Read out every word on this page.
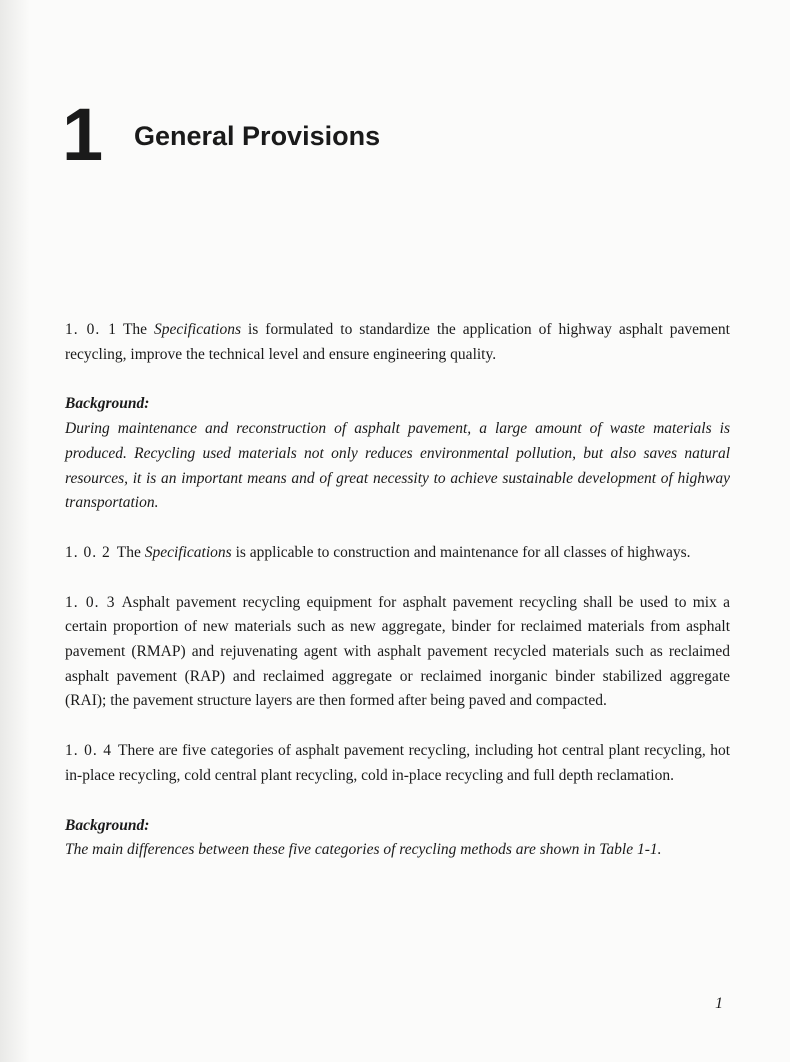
1 General Provisions

1. 0. 1 The Specifications is formulated to standardize the application of highway asphalt pavement recycling, improve the technical level and ensure engineering quality.

Background:

During maintenance and reconstruction of asphalt pavement, a large amount of waste materials is produced. Recycling used materials not only reduces environmental pollution, but also saves natural resources, it is an important means and of great necessity to achieve sustainable development of highway transportation.

1. 0. 2 The Specifications is applicable to construction and maintenance for all classes of highways.

1. 0. 3 Asphalt pavement recycling equipment for asphalt pavement recycling shall be used to mix a certain proportion of new materials such as new aggregate, binder for reclaimed materials from asphalt pavement (RMAP) and rejuvenating agent with asphalt pavement recycled materials such as reclaimed asphalt pavement (RAP) and reclaimed aggregate or reclaimed inorganic binder stabilized aggregate (RAI); the pavement structure layers are then formed after being paved and compacted.

1. 0. 4 There are five categories of asphalt pavement recycling, including hot central plant recycling, hot in-place recycling, cold central plant recycling, cold in-place recycling and full depth reclamation.

Background:

The main differences between these five categories of recycling methods are shown in Table 1-1.

1
